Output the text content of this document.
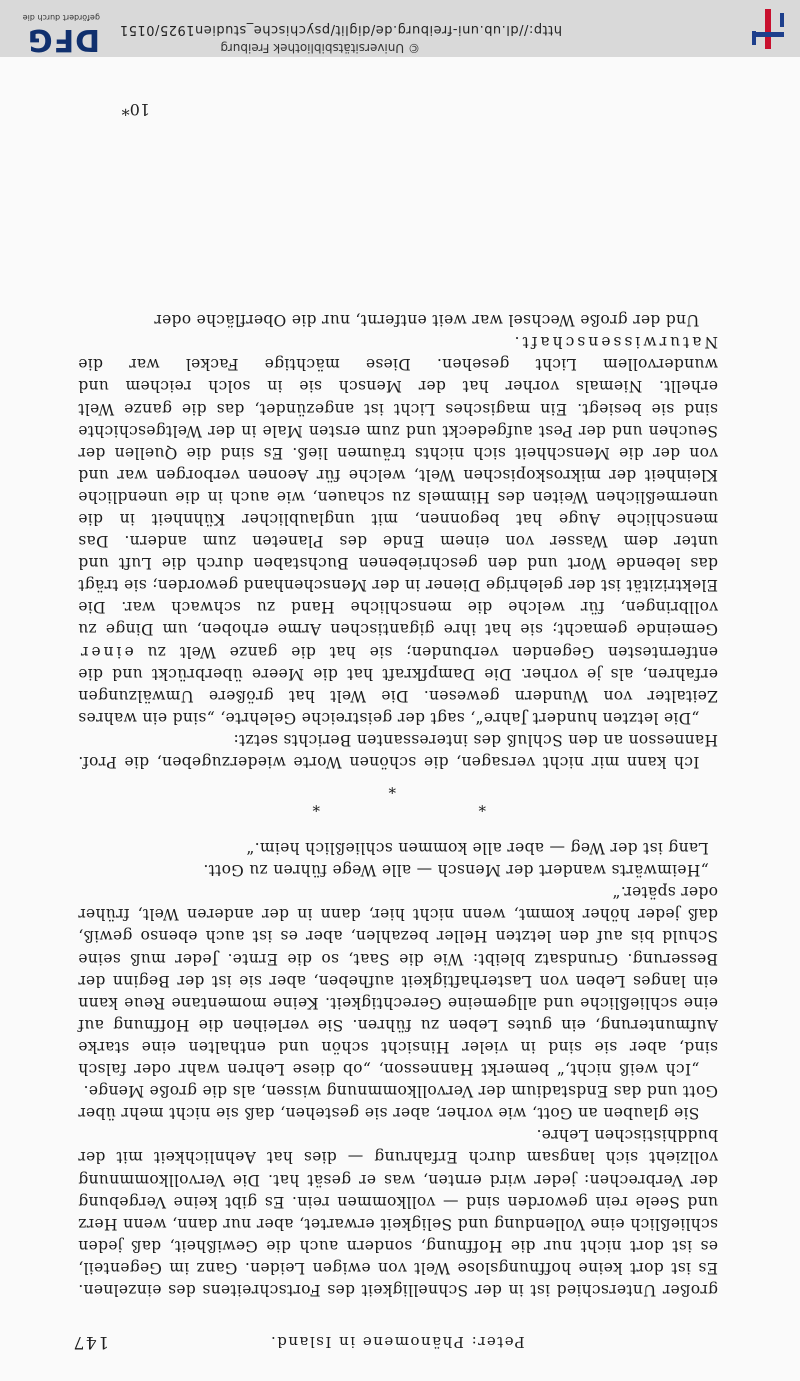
Peter: Phänomene in Island.
147

großer Unterschied ist in der Schnelligkeit des Fortschreitens des einzelnen. Es ist dort keine hoffnungslose Welt von ewigen Leiden. Ganz im Gegenteil, es ist dort nicht nur die Hoffnung, sondern auch die Gewißheit, daß jeden schließlich eine Vollendung und Seligkeit erwartet, aber nur dann, wenn Herz und Seele rein geworden sind — vollkommen rein. Es gibt keine Vergebung der Verbrechen: jeder wird ernten, was er gesät hat. Die Vervollkommnung vollzieht sich langsam durch Erfahrung — dies hat Aehnlichkeit mit der buddhistischen Lehre.

Sie glauben an Gott, wie vorher, aber sie gestehen, daß sie nicht mehr über Gott und das Endstadium der Vervollkommnung wissen, als die große Menge.

„Ich weiß nicht,“ bemerkt Hannesson, „ob diese Lehren wahr oder falsch sind, aber sie sind in vieler Hinsicht schön und enthalten eine starke Aufmunterung, ein gutes Leben zu führen. Sie verleihen die Hoffnung auf eine schließliche und allgemeine Gerechtigkeit. Keine momentane Reue kann ein langes Leben von Lasterhaftigkeit aufheben, aber sie ist der Beginn der Besserung. Grundsatz bleibt: Wie die Saat, so die Ernte. Jeder muß seine Schuld bis auf den letzten Heller bezahlen, aber es ist auch ebenso gewiß, daß jeder höher kommt, wenn nicht hier, dann in der anderen Welt, früher oder später.“

„Heimwärts wandert der Mensch — alle Wege führen zu Gott.

Lang ist der Weg — aber alle kommen schließlich heim.“

*
*
*

Ich kann mir nicht versagen, die schönen Worte wiederzugeben, die Prof. Hannesson an den Schluß des interessanten Berichts setzt:

„Die letzten hundert Jahre“, sagt der geistreiche Gelehrte, „sind ein wahres Zeitalter von Wundern gewesen. Die Welt hat größere Umwälzungen erfahren, als je vorher. Die Dampfkraft hat die Meere überbrückt und die entferntesten Gegenden verbunden; sie hat die ganze Welt zu einer Gemeinde gemacht; sie hat ihre gigantischen Arme erhoben, um Dinge zu vollbringen, für welche die menschliche Hand zu schwach war. Die Elektrizität ist der gelehrige Diener in der Menschenhand geworden; sie trägt das lebende Wort und den geschriebenen Buchstaben durch die Luft und unter dem Wasser von einem Ende des Planeten zum andern. Das menschliche Auge hat begonnen, mit unglaublicher Kühnheit in die unermeßlichen Weiten des Himmels zu schauen, wie auch in die unendliche Kleinheit der mikroskopischen Welt, welche für Aeonen verborgen war und von der die Menschheit sich nichts träumen ließ. Es sind die Quellen der Seuchen und der Pest aufgedeckt und zum ersten Male in der Weltgeschichte sind sie besiegt. Ein magisches Licht ist angezündet, das die ganze Welt erhellt. Niemals vorher hat der Mensch sie in solch reichem und wundervollem Licht gesehen. Diese mächtige Fackel war die Naturwissenschaft.

Und der große Wechsel war weit entfernt, nur die Oberfläche oder

10*
© Universitätsbibliothek Freiburg
http://dl.ub.uni-freiburg.de/diglit/psychische_studien1925/0151
DFG
gefördert durch die
